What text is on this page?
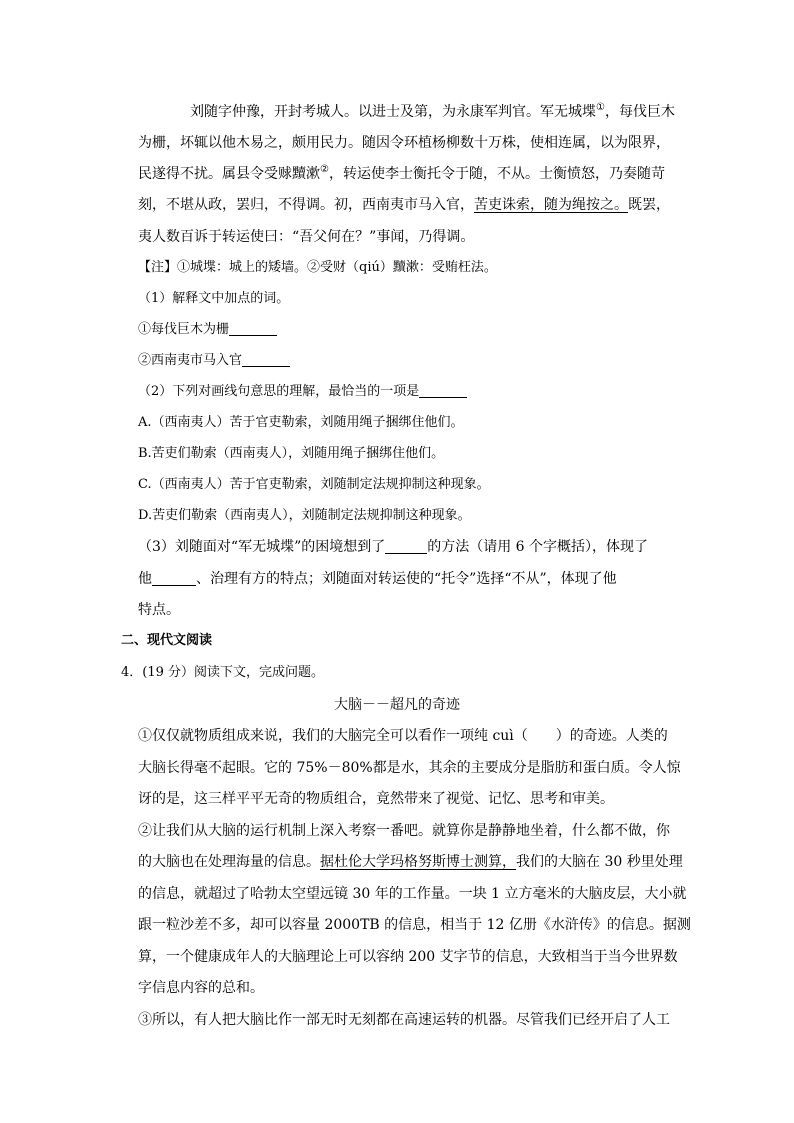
刘随字仲豫，开封考城人。以进士及第，为永康军判官。军无城堞①，每伐巨木
为栅，坏辄以他木易之，颇用民力。随因令环植杨柳数十万株，使相连属，以为限界，
民遂得不扰。属县令受赇黷漱②，转运使李士衡托令于随，不从。士衡愤怒，乃奏随苛
刻，不堪从政，罢归，不得调。初，西南夷市马入官，苦吏诛索，随为绳按之。既罢，
夷人数百诉于转运使曰：“吾父何在？”事闻，乃得调。
【注】①城堞：城上的矮墙。②受财（qiú）黷漱：受贿枉法。
（1）解释文中加点的词。
①每伐巨木为栅
②西南夷市马入官
（2）下列对画线句意思的理解，最恰当的一项是
A.（西南夷人）苦于官吏勒索，刘随用绳子捆绑住他们。
B.苦吏们勒索（西南夷人），刘随用绳子捆绑住他们。
C.（西南夷人）苦于官吏勒索，刘随制定法规抑制这种现象。
D.苦吏们勒索（西南夷人），刘随制定法规抑制这种现象。
（3）刘随面对“军无城堞”的困境想到了	的方法（请用 6 个字概括），体现了
他	、治理有方的特点；刘随面对转运使的“托令”选择“不从”，体现了他
特点。
二、现代文阅读
4．(19 分）阅读下文，完成问题。
大脑－－超凡的奇迹
①仅仅就物质组成来说，我们的大脑完全可以看作一项纯 cuì（　　）的奇迹。人类的
大脑长得毫不起眼。它的 75%－80%都是水，其余的主要成分是脂肪和蛋白质。令人惊
讶的是，这三样平平无奇的物质组合，竟然带来了视觉、记忆、思考和审美。
②让我们从大脑的运行机制上深入考察一番吧。就算你是静静地坐着，什么都不做，你
的大脑也在处理海量的信息。据杜伦大学玛格努斯博士测算，我们的大脑在 30 秒里处理
的信息，就超过了哈勃太空望远镜 30 年的工作量。一块 1 立方毫米的大脑皮层，大小就
跟一粒沙差不多，却可以容量 2000TB 的信息，相当于 12 亿册《水浒传》的信息。据测
算，一个健康成年人的大脑理论上可以容纳 200 艾字节的信息，大致相当于当今世界数
字信息内容的总和。
③所以，有人把大脑比作一部无时无刻都在高速运转的机器。尽管我们已经开启了人工
